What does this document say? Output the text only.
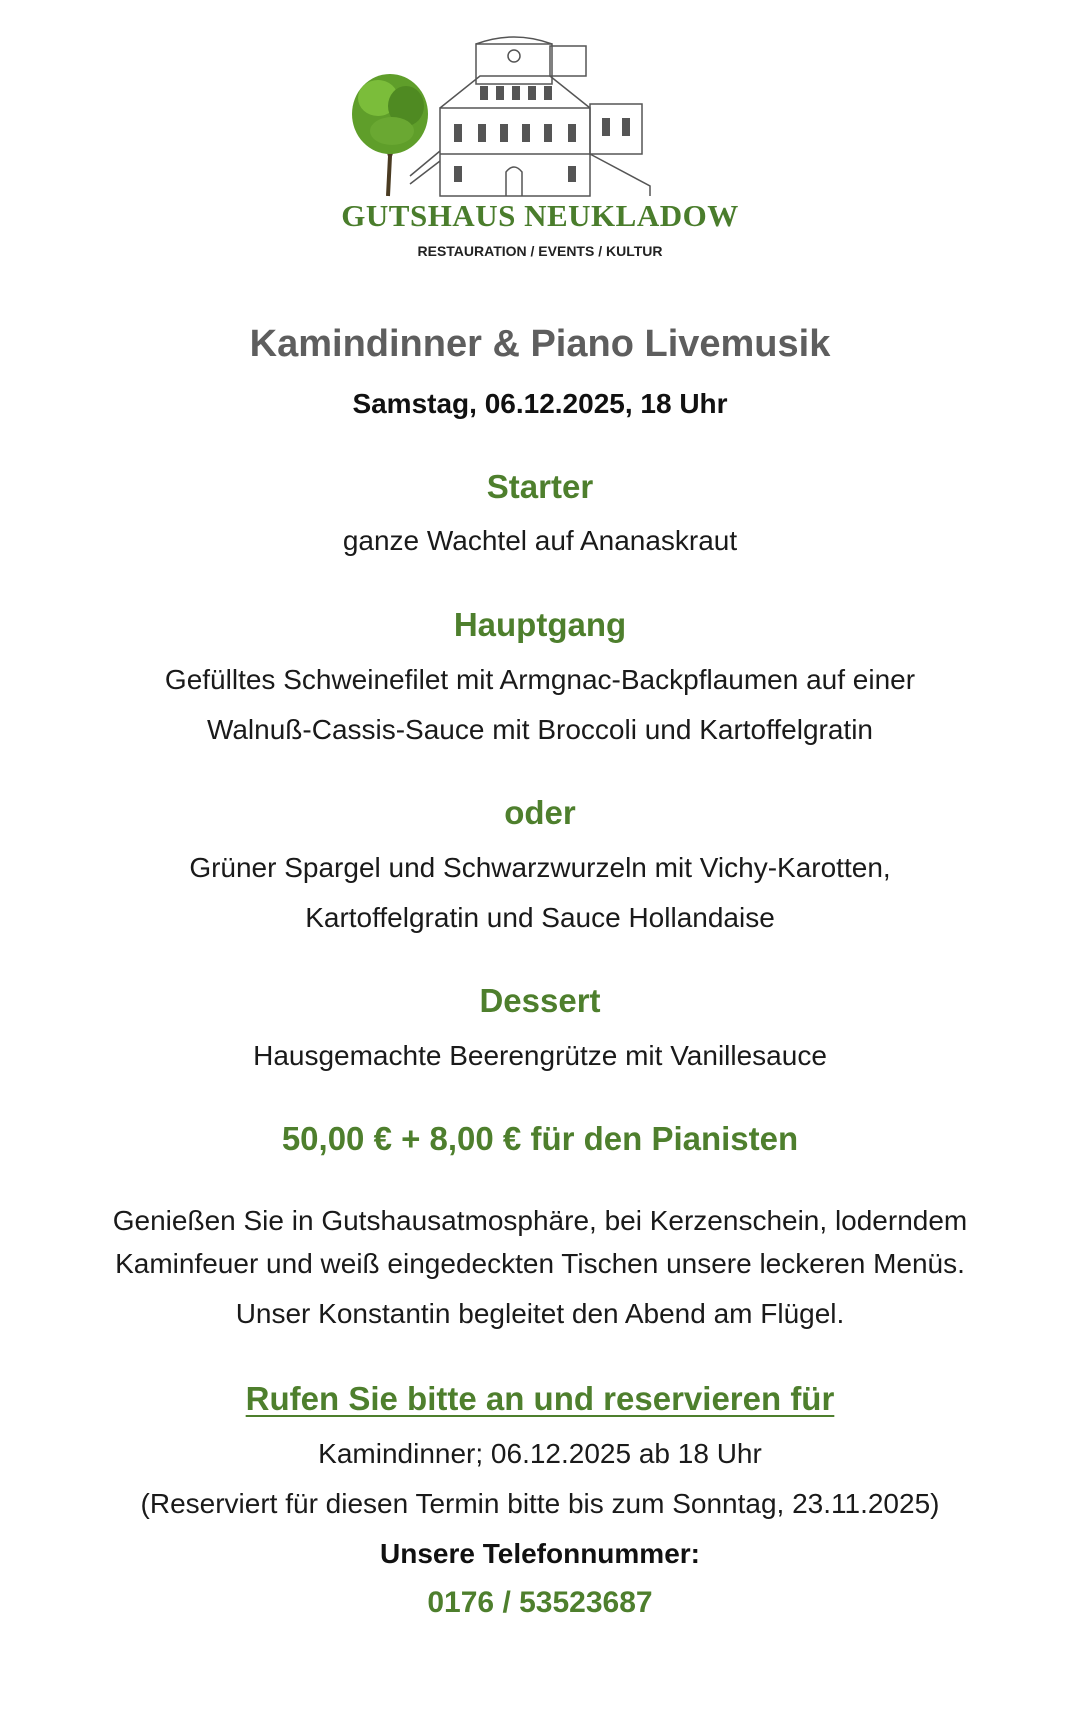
GUTSHAUS NEUKLADOW
RESTAURATION / EVENTS / KULTUR
Kamindinner & Piano Livemusik
Samstag, 06.12.2025, 18 Uhr
Starter
ganze Wachtel auf Ananaskraut
Hauptgang
Gefülltes Schweinefilet mit Armgnac-Backpflaumen auf einer
Walnuß-Cassis-Sauce mit Broccoli und Kartoffelgratin
oder
Grüner Spargel und Schwarzwurzeln mit Vichy-Karotten,
Kartoffelgratin und Sauce Hollandaise
Dessert
Hausgemachte Beerengrütze mit Vanillesauce
50,00 € + 8,00 € für den Pianisten
Genießen Sie in Gutshausatmosphäre, bei Kerzenschein, loderndem
Kaminfeuer und weiß eingedeckten Tischen unsere leckeren Menüs.
Unser Konstantin begleitet den Abend am Flügel.
Rufen Sie bitte an und reservieren für
Kamindinner; 06.12.2025 ab 18 Uhr
(Reserviert für diesen Termin bitte bis zum Sonntag, 23.11.2025)
Unsere Telefonnummer:
0176 / 53523687
